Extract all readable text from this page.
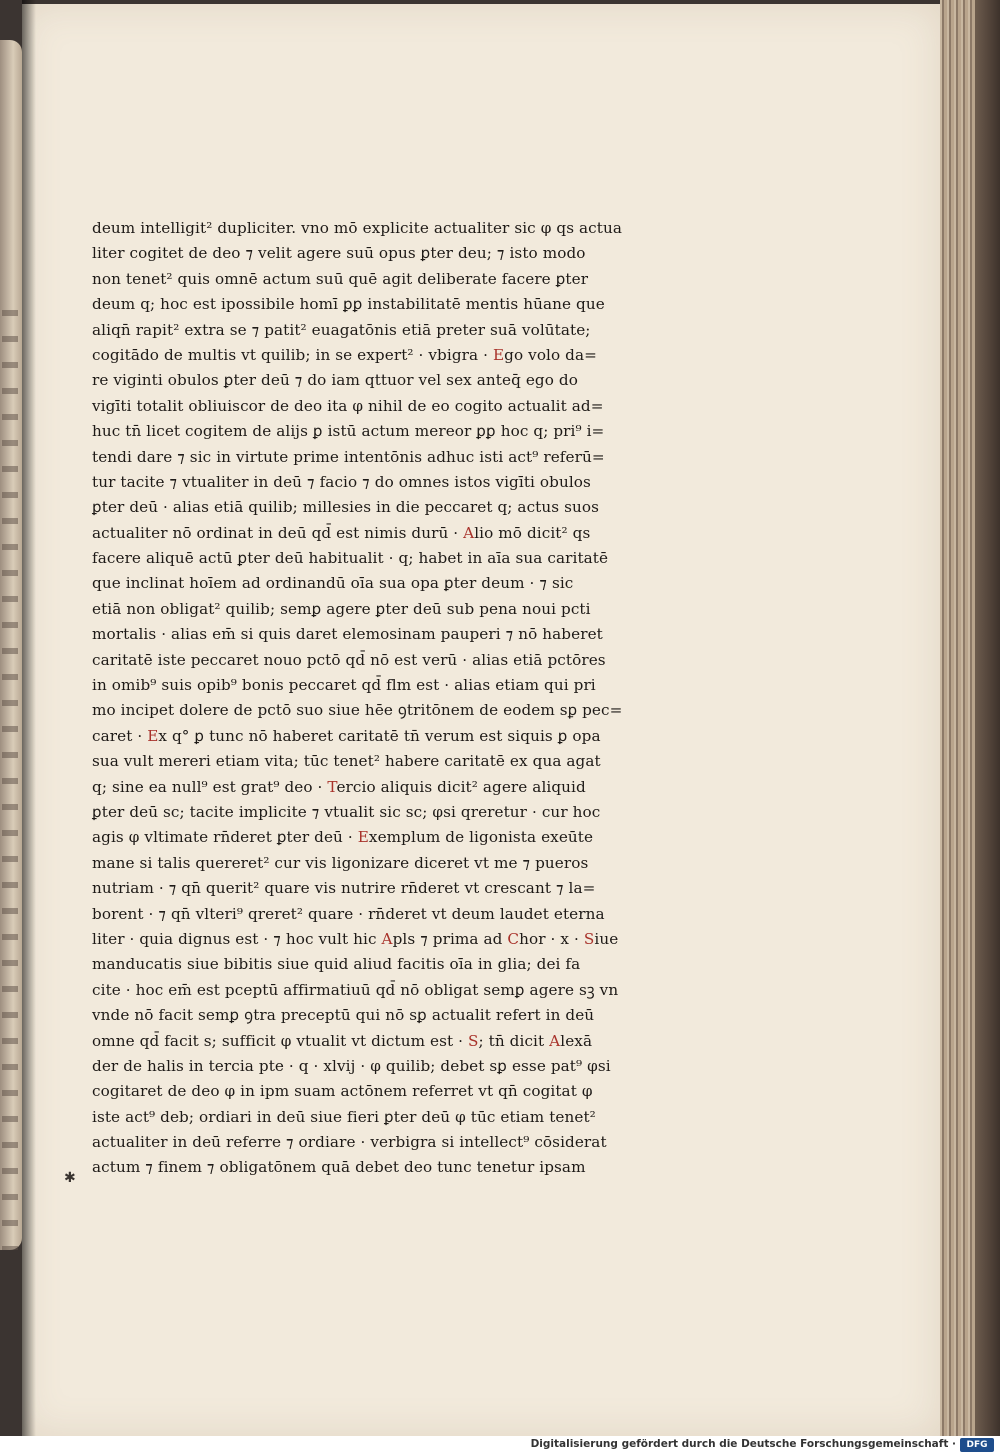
deum intelligit² dupliciter. vno mō explicite actualiter sic φ qs actua
liter cogitet de deo ⁊ velit agere suū opus ꝑter deu; ⁊ isto modo
non tenet² quis omnē actum suū quē agit deliberate facere ꝑter
deum q; hoc est ipossibile homī ꝑꝑ instabilitatē mentis hūane que
aliqn̄ rapit² extra se ⁊ patit² euagatōnis etiā preter suā volūtate;
cogitādo de multis vt quilib; in se expert² · vbigra · Ego volo da=
re viginti obulos ꝑter deū ⁊ do iam qttuor vel sex anteq̄ ego do
vigīti totalit obliuiscor de deo ita φ nihil de eo cogito actualit ad=
huc tn̄ licet cogitem de alijs ꝑ istū actum mereor ꝑꝑ hoc q; pri⁹ i=
tendi dare ⁊ sic in virtute prime intentōnis adhuc isti act⁹ referū=
tur tacite ⁊ vtualiter in deū ⁊ facio ⁊ do omnes istos vigīti obulos
ꝑter deū · alias etiā quilib; millesies in die peccaret q; actus suos
actualiter nō ordinat in deū qd̄ est nimis durū · Alio mō dicit² qs
facere aliquē actū ꝑter deū habitualit · q; habet in aīa sua caritatē
que inclinat hoīem ad ordinandū oīa sua opa ꝑter deum · ⁊ sic
etiā non obligat² quilib; semꝑ agere ꝑter deū sub pena noui pcti
mortalis · alias em̄ si quis daret elemosinam pauperi ⁊ nō haberet
caritatē iste peccaret nouo pctō qd̄ nō est verū · alias etiā pctōres
in omib⁹ suis opib⁹ bonis peccaret qd̄ flm est · alias etiam qui pri
mo incipet dolere de pctō suo siue hēe ꝯtritōnem de eodem sꝑ pec=
caret · Ex q° ꝑ tunc nō haberet caritatē tn̄ verum est siquis ꝑ opa
sua vult mereri etiam vita; tūc tenet² habere caritatē ex qua agat
q; sine ea null⁹ est grat⁹ deo · Tercio aliquis dicit² agere aliquid
ꝑter deū sc; tacite implicite ⁊ vtualit sic sc; φsi qreretur · cur hoc
agis φ vltimate rn̄deret ꝑter deū · Exemplum de ligonista exeūte
mane si talis quereret² cur vis ligonizare diceret vt me ⁊ pueros
nutriam · ⁊ qn̄ querit² quare vis nutrire rn̄deret vt crescant ⁊ la=
borent · ⁊ qn̄ vlteri⁹ qreret² quare · rn̄deret vt deum laudet eterna
liter · quia dignus est · ⁊ hoc vult hic Apls ⁊ prima ad Chor · x · Siue
manducatis siue bibitis siue quid aliud facitis oīa in glia; dei fa
cite · hoc em̄ est pceptū affirmatiuū qd̄ nō obligat semꝑ agere sꝫ vn
vnde nō facit semꝑ ꝯtra preceptū qui nō sꝑ actualit refert in deū
omne qd̄ facit s; sufficit φ vtualit vt dictum est · S; tn̄ dicit Alexā
der de halis in tercia pte · q · xlvij · φ quilib; debet sꝑ esse pat⁹ φsi
cogitaret de deo φ in ipm suam actōnem referret vt qn̄ cogitat φ
iste act⁹ deb; ordiari in deū siue fieri ꝑter deū φ tūc etiam tenet²
actualiter in deū referre ⁊ ordiare · verbigra si intellect⁹ cōsiderat
actum ⁊ finem ⁊ obligatōnem quā debet deo tunc tenetur ipsam
✱
Digitalisierung gefördert durch die Deutsche Forschungsgemeinschaft ·	DFG
